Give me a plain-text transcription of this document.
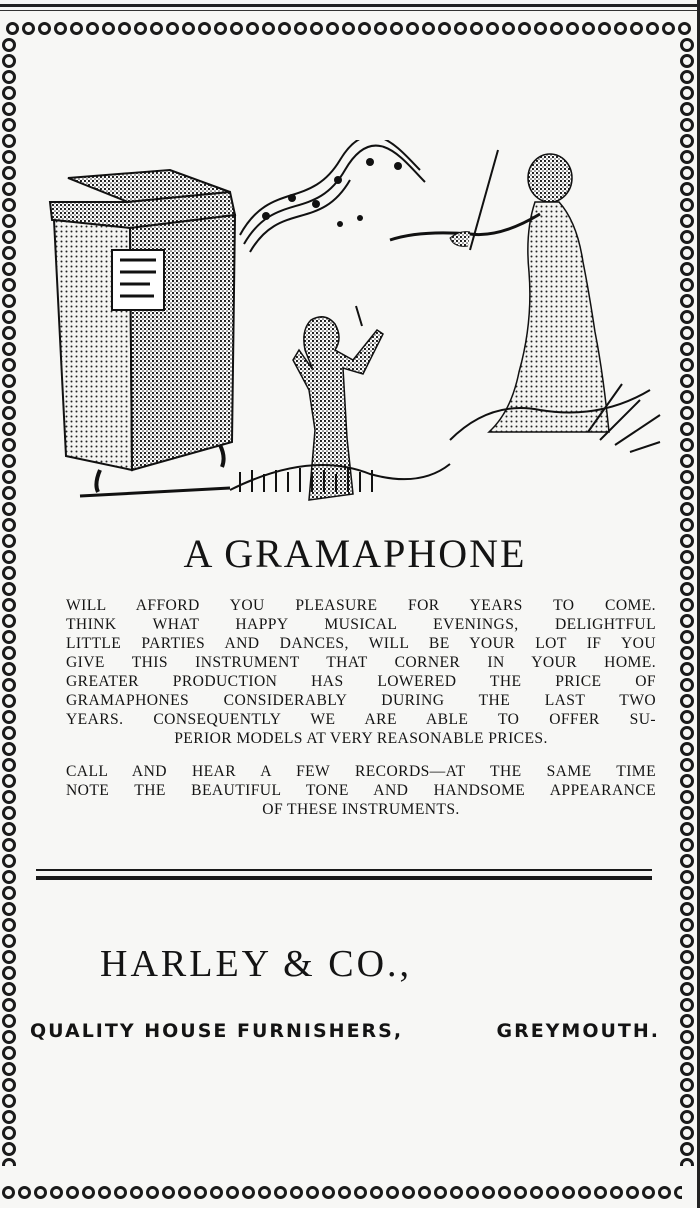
A GRAMAPHONE
WILL AFFORD YOU PLEASURE FOR YEARS TO COME.
THINK WHAT HAPPY MUSICAL EVENINGS, DELIGHTFUL
LITTLE PARTIES AND DANCES, WILL BE YOUR LOT IF YOU
GIVE THIS INSTRUMENT THAT CORNER IN YOUR HOME.
GREATER PRODUCTION HAS LOWERED THE PRICE OF
GRAMAPHONES CONSIDERABLY DURING THE LAST TWO
YEARS. CONSEQUENTLY WE ARE ABLE TO OFFER SU-
PERIOR MODELS AT VERY REASONABLE PRICES.
CALL AND HEAR A FEW RECORDS—AT THE SAME TIME
NOTE THE BEAUTIFUL TONE AND HANDSOME APPEARANCE
OF THESE INSTRUMENTS.
HARLEY & CO.,
QUALITY HOUSE FURNISHERS,	GREYMOUTH.
